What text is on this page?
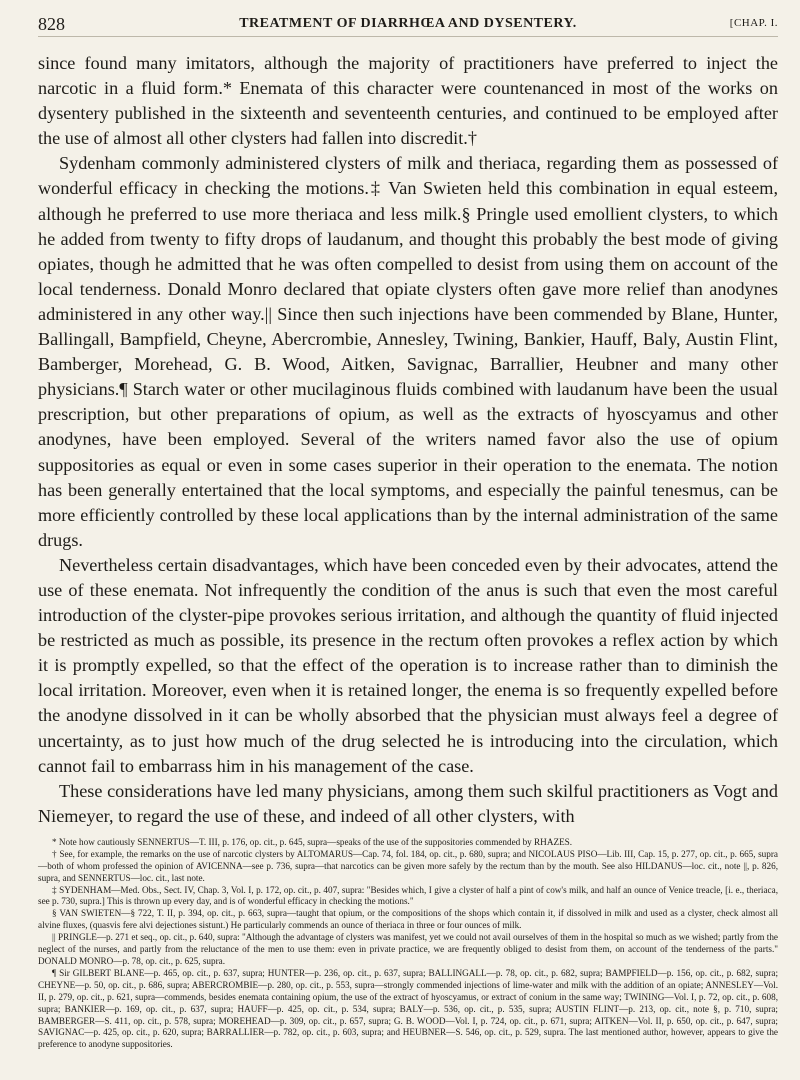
828	TREATMENT OF DIARRHŒA AND DYSENTERY.	[CHAP. I.

since found many imitators, although the majority of practitioners have preferred to inject the narcotic in a fluid form.* Enemata of this character were countenanced in most of the works on dysentery published in the sixteenth and seventeenth centuries, and continued to be employed after the use of almost all other clysters had fallen into discredit.†

Sydenham commonly administered clysters of milk and theriaca, regarding them as possessed of wonderful efficacy in checking the motions.‡ Van Swieten held this combination in equal esteem, although he preferred to use more theriaca and less milk.§ Pringle used emollient clysters, to which he added from twenty to fifty drops of laudanum, and thought this probably the best mode of giving opiates, though he admitted that he was often compelled to desist from using them on account of the local tenderness. Donald Monro declared that opiate clysters often gave more relief than anodynes administered in any other way.|| Since then such injections have been commended by Blane, Hunter, Ballingall, Bampfield, Cheyne, Abercrombie, Annesley, Twining, Bankier, Hauff, Baly, Austin Flint, Bamberger, Morehead, G. B. Wood, Aitken, Savignac, Barrallier, Heubner and many other physicians.¶ Starch water or other mucilaginous fluids combined with laudanum have been the usual prescription, but other preparations of opium, as well as the extracts of hyoscyamus and other anodynes, have been employed. Several of the writers named favor also the use of opium suppositories as equal or even in some cases superior in their operation to the enemata. The notion has been generally entertained that the local symptoms, and especially the painful tenesmus, can be more efficiently controlled by these local applications than by the internal administration of the same drugs.

Nevertheless certain disadvantages, which have been conceded even by their advocates, attend the use of these enemata. Not infrequently the condition of the anus is such that even the most careful introduction of the clyster-pipe provokes serious irritation, and although the quantity of fluid injected be restricted as much as possible, its presence in the rectum often provokes a reflex action by which it is promptly expelled, so that the effect of the operation is to increase rather than to diminish the local irritation. Moreover, even when it is retained longer, the enema is so frequently expelled before the anodyne dissolved in it can be wholly absorbed that the physician must always feel a degree of uncertainty, as to just how much of the drug selected he is introducing into the circulation, which cannot fail to embarrass him in his management of the case.

These considerations have led many physicians, among them such skilful practitioners as Vogt and Niemeyer, to regard the use of these, and indeed of all other clysters, with

* Note how cautiously SENNERTUS—T. III, p. 176, op. cit., p. 645, supra—speaks of the use of the suppositories commended by RHAZES.

† See, for example, the remarks on the use of narcotic clysters by ALTOMARUS—Cap. 74, fol. 184, op. cit., p. 680, supra; and NICOLAUS PISO—Lib. III, Cap. 15, p. 277, op. cit., p. 665, supra—both of whom professed the opinion of AVICENNA—see p. 736, supra—that narcotics can be given more safely by the rectum than by the mouth. See also HILDANUS—loc. cit., note ||, p. 826, supra, and SENNERTUS—loc. cit., last note.

‡ SYDENHAM—Med. Obs., Sect. IV, Chap. 3, Vol. I, p. 172, op. cit., p. 407, supra: "Besides which, I give a clyster of half a pint of cow's milk, and half an ounce of Venice treacle, [i. e., theriaca, see p. 730, supra.] This is thrown up every day, and is of wonderful efficacy in checking the motions."

§ VAN SWIETEN—§ 722, T. II, p. 394, op. cit., p. 663, supra—taught that opium, or the compositions of the shops which contain it, if dissolved in milk and used as a clyster, check almost all alvine fluxes, (quasvis fere alvi dejectiones sistunt.) He particularly commends an ounce of theriaca in three or four ounces of milk.

|| PRINGLE—p. 271 et seq., op. cit., p. 640, supra: "Although the advantage of clysters was manifest, yet we could not avail ourselves of them in the hospital so much as we wished; partly from the neglect of the nurses, and partly from the reluctance of the men to use them: even in private practice, we are frequently obliged to desist from them, on account of the tenderness of the parts." DONALD MONRO—p. 78, op. cit., p. 625, supra.

¶ Sir GILBERT BLANE—p. 465, op. cit., p. 637, supra; HUNTER—p. 236, op. cit., p. 637, supra; BALLINGALL—p. 78, op. cit., p. 682, supra; BAMPFIELD—p. 156, op. cit., p. 682, supra; CHEYNE—p. 50, op. cit., p. 686, supra; ABERCROMBIE—p. 280, op. cit., p. 553, supra—strongly commended injections of lime-water and milk with the addition of an opiate; ANNESLEY—Vol. II, p. 279, op. cit., p. 621, supra—commends, besides enemata containing opium, the use of the extract of hyoscyamus, or extract of conium in the same way; TWINING—Vol. I, p. 72, op. cit., p. 608, supra; BANKIER—p. 169, op. cit., p. 637, supra; HAUFF—p. 425, op. cit., p. 534, supra; BALY—p. 536, op. cit., p. 535, supra; AUSTIN FLINT—p. 213, op. cit., note §, p. 710, supra; BAMBERGER—S. 411, op. cit., p. 578, supra; MOREHEAD—p. 309, op. cit., p. 657, supra; G. B. WOOD—Vol. I, p. 724, op. cit., p. 671, supra; AITKEN—Vol. II, p. 650, op. cit., p. 647, supra; SAVIGNAC—p. 425, op. cit., p. 620, supra; BARRALLIER—p. 782, op. cit., p. 603, supra; and HEUBNER—S. 546, op. cit., p. 529, supra. The last mentioned author, however, appears to give the preference to anodyne suppositories.
